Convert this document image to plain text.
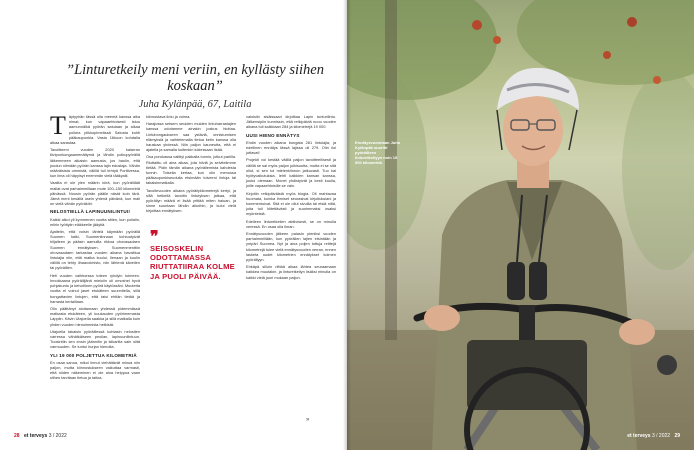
”Linturetkeily meni veriin, en kyllästy siihen koskaan”
Juha Kylänpää, 67, Laitila

Täytyyhän tässä olla meemä kanssa aika nimat, kun vapaaehtoisesti istuu aamunnälkä pyörän satulaan ja alkaa polkea pilkkopimeässä Satosta kohti pääkaupunkia. Vasta 16koon kohdalla alkaa sarastaa.

Tavoitteeni vuoden 2020 kalarran tiiviponkongaamenättymä ja lähdin polkupyörällä läikemmeen aikaisin aamusta, jos haulin, että joudun olimään pyörän kanssa lajin edustaja. Vähän määräisista ommistä, välillä tuli tehtyä Porttivessa, kun ilma oli häpyisyt enemmän vielä tääkyaili.

Vaalita ei ole ylen määrin kiirä, kun pyöräilläät mailat ovat parhaimmillaan mute 100–150 kilometriä päivässä. Nousin pyörän päälle nästä koin tärä. Jämä meni kesällä usein yhtenä päivänä, kun mail on vielä vähän pyöräkiiri.

NELOSTIELLÄ LAPINUUNILINTUI!

Kaikki alkoi yli kymmenen vuotta sitten, kun poilalin, mihin työttyiin eläkkeelle jääytiä.

Ajattelin, että voisin lähteä käymään pyörällä Suomen halki, Suomenlinnaan kohtuutyivät hiljalleen ja pääsin aamuilla rikkoa ohovasadaen Suomen ennätyksen. Suomenmenttiin ohovasadaen tarkastaa vuoden aikana havaittuа lintulajia niin, että matka kuului, Ilenaan ja kuulin välillä on tehty lihaavoimisto, niin lähtenä kävellen tai pyöräillen.

Heti vuoden vaihtuessa toteen ryhdyin toimeen. Innokkaana pyöräilijänä mieluiin oli omoshei hyvä pohjakunto ja kelvollinen pyörä käytössäni. Muutetta vuotta ei voinut jaset etukäteen suunnitella, sillä bongattavien lintujen, että taisi ehtiän tietää ja harrasta kertaillaan.

Olin päättänyt aloitamaan yhdessä pidemmässä matkasta etukäteen, yli kuukauden pyörimemasta Lappiin. Kävin Utajoella saakka ja sillä matkalla kuin yhden vuoden hienoimmista hetkistä.

Utajoella takaisin pyöräillessä kohtasin nelostien varressa vähätkäiseen peoilan, lapinuunilintuun. Tuosinttin sen ensin jäännitin ja kiikarilla sain siitä varmuuden. Se tuntui hurjan hienolta.

YLI 19 000 POLJETTUA KILOMETRIÄ

En osaa sanoa, mikoi linnut viehättävät minua niin paljon, mutta kiinnostukseen vaikuttaa varmasti, että niiden näkeminen ei ole aina helppoa vaan siihen tarvitaan tietoa ja taitoa.

kiinnostava lintu ja voima.

Harajossa setsem seuiden muiden lintuharrastajien kanssa odotamme ainakin joskus hiuttaa. Lintubongaukseen saa ystäviä, onnistumisen elämyksiä ja vaihtelemalla tietoa ketin kanssa olla hauskaa yhdessä. Niin paljon kauneutta, että ei ajatella ja samalla kuitenkin lukiessaan lisää.

Osa porukassa valittyi pakkalla tunnin, jotkut pariilla. Riuttaittu oli aina aikaa, jota hiiviä ja selvitelimme tietää. Pidin tämän aikana pyöräilemista kahdesta tunnin. Toisella kertaa, kun olin menossa pääkaupunkiseudulla etsimään toiveeni lintuja tai takaisinmatkalla.

Tavoitevuoden aikana pyöräilykilometrejä kertyi, ja sillä hetkellä tavoitin lintutyksen jatkaa, että pyöräilyn määrä ei lisää yrittää miten haluan, ja sinne suuntaan lähdin aikoihin, ja kului vielä kirjoittaa ennätyksen.

❞
SEISOSKELIN ODOTTAMASSA RIUTTATIIRAA KOLME JA PUOLI PÄIVÄÄ.

valoisiin sisäissaari kirjoittaa Lapin tunturilintu. Jälkensipiin kunnissin, että retkipäiviä nuoo vuoden aikana tuli kaikkiaan 284 ja kilometrejä 19 000.

UUSI HIENO ENNÄTYS

Ehdin vuoden aikana bongata 281 lintulajia, ja edellinen ennätys tässä lajissa oli 279. Olin iloi jottavat!

Projekti voi kestää välillä paljon tavoitteellisesti ja välillä se sai myös paljon julkisuutta, mutta ei se sitä ollut, si sen toi mielenkiinnon jatkuvasti. Tuo kai hyötyvaikutuksia, lehti kaikkien kansan kanssa, joutui olemaan. Monet yhdistyivät ja kesti kuulla, joille vapaaehtoisille se vain.

Kirjoitin retkipäiväistä myös blogia. Oli mahtavaa huomata, kuinka ihmiset seurasivat kirjoituksiani ja kommentoivat. Sitä ei ole ollut sivuilla tai etsiä niitä, joita tuli kiitettävästi ja suurimmaksi osaksi myönteisiä.

Edelleen linturetkeilen aktiivisesti, se on minulla veressä. En osaa olla ilman.

Ennätysvuoden jälkeen palasin pieniksi vuoden parhaimmillään, kun pyöräilen lajien etsintään ja ympäri Suomea. Nyt ja aina poljen tuttuja reittejä kilometrejä tulee vielä ennätysvuoden verran, ennen lasketa uudet kilometrien ennätykset kolmen pyöräilyyn.

Ehkäpä silloin riittää aikaa lähtea seuraamaan kaikkea muutakin, ja linturetkeilyn lisäksi minulla on kaikki vielä juuri mukaan paljon.

»
28 et terveys 3 / 2022
Ennätysvuonnaan Juha Kylänpää suoritti pyöräilleen linturetkeilyyn noin 19 000 kilometriä.
et terveys 3 / 2022 29
